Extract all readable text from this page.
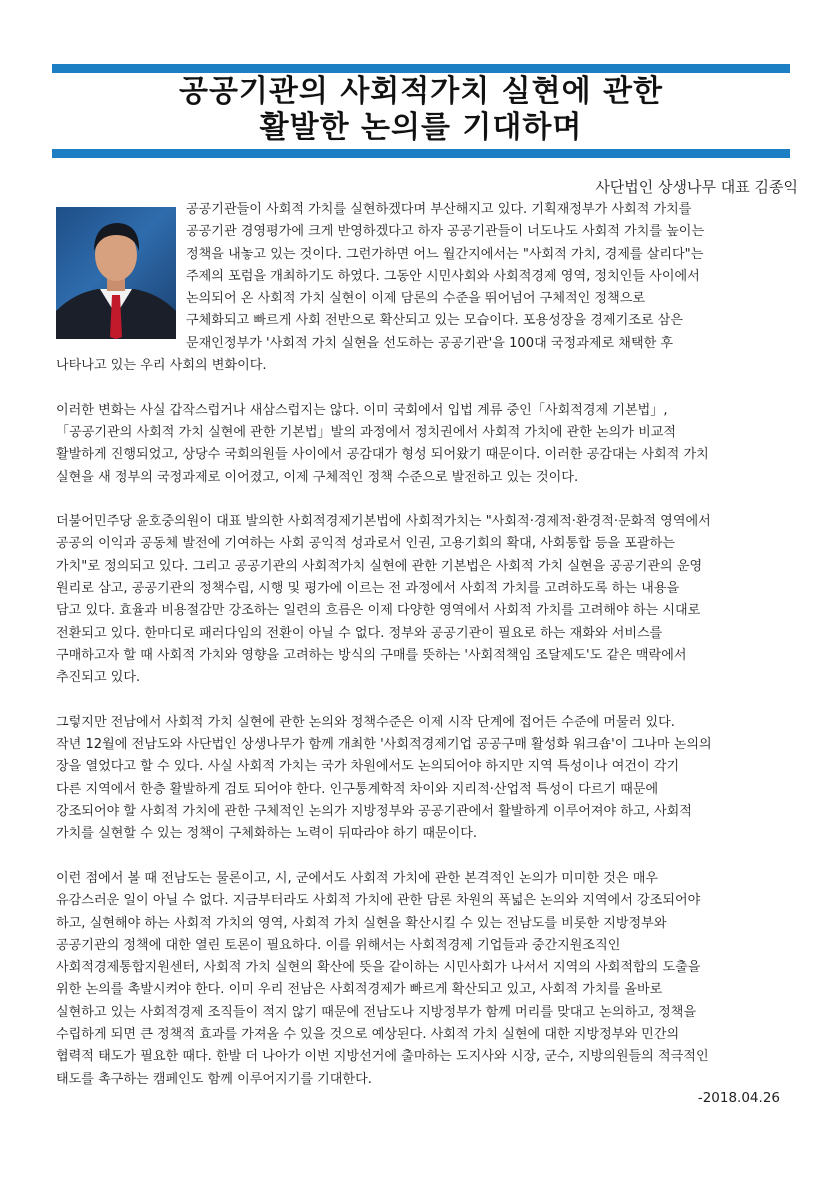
공공기관의 사회적가치 실현에 관한
활발한 논의를 기대하며
사단법인 상생나무 대표 김종익
공공기관들이 사회적 가치를 실현하겠다며 부산해지고 있다. 기획재정부가 사회적 가치를
공공기관 경영평가에 크게 반영하겠다고 하자 공공기관들이 너도나도 사회적 가치를 높이는
정책을 내놓고 있는 것이다. 그런가하면 어느 월간지에서는 "사회적 가치, 경제를 살리다"는
주제의 포럼을 개최하기도 하였다. 그동안 시민사회와 사회적경제 영역, 정치인들 사이에서
논의되어 온 사회적 가치 실현이 이제 담론의 수준을 뛰어넘어 구체적인 정책으로
구체화되고 빠르게 사회 전반으로 확산되고 있는 모습이다. 포용성장을 경제기조로 삼은
문재인정부가 '사회적 가치 실현을 선도하는 공공기관'을 100대 국정과제로 채택한 후
나타나고 있는 우리 사회의 변화이다.
이러한 변화는 사실 갑작스럽거나 새삼스럽지는 않다. 이미 국회에서 입법 계류 중인「사회적경제 기본법」,
「공공기관의 사회적 가치 실현에 관한 기본법」발의 과정에서 정치권에서 사회적 가치에 관한 논의가 비교적
활발하게 진행되었고, 상당수 국회의원들 사이에서 공감대가 형성 되어왔기 때문이다. 이러한 공감대는 사회적 가치
실현을 새 정부의 국정과제로 이어졌고, 이제 구체적인 정책 수준으로 발전하고 있는 것이다.
더불어민주당 윤호중의원이 대표 발의한 사회적경제기본법에 사회적가치는 "사회적·경제적·환경적·문화적 영역에서
공공의 이익과 공동체 발전에 기여하는 사회 공익적 성과로서 인권, 고용기회의 확대, 사회통합 등을 포괄하는
가치"로 정의되고 있다. 그리고 공공기관의 사회적가치 실현에 관한 기본법은 사회적 가치 실현을 공공기관의 운영
원리로 삼고, 공공기관의 정책수립, 시행 및 평가에 이르는 전 과정에서 사회적 가치를 고려하도록 하는 내용을
담고 있다. 효율과 비용절감만 강조하는 일련의 흐름은 이제 다양한 영역에서 사회적 가치를 고려해야 하는 시대로
전환되고 있다. 한마디로 패러다임의 전환이 아닐 수 없다. 정부와 공공기관이 필요로 하는 재화와 서비스를
구매하고자 할 때 사회적 가치와 영향을 고려하는 방식의 구매를 뜻하는 '사회적책임 조달제도'도 같은 맥락에서
추진되고 있다.
그렇지만 전남에서 사회적 가치 실현에 관한 논의와 정책수준은 이제 시작 단계에 접어든 수준에 머물러 있다.
작년 12월에 전남도와 사단법인 상생나무가 함께 개최한 '사회적경제기업 공공구매 활성화 워크숍'이 그나마 논의의
장을 열었다고 할 수 있다. 사실 사회적 가치는 국가 차원에서도 논의되어야 하지만 지역 특성이나 여건이 각기
다른 지역에서 한층 활발하게 검토 되어야 한다. 인구통계학적 차이와 지리적·산업적 특성이 다르기 때문에
강조되어야 할 사회적 가치에 관한 구체적인 논의가 지방정부와 공공기관에서 활발하게 이루어져야 하고, 사회적
가치를 실현할 수 있는 정책이 구체화하는 노력이 뒤따라야 하기 때문이다.
이런 점에서 볼 때 전남도는 물론이고, 시, 군에서도 사회적 가치에 관한 본격적인 논의가 미미한 것은 매우
유감스러운 일이 아닐 수 없다. 지금부터라도 사회적 가치에 관한 담론 차원의 폭넓은 논의와 지역에서 강조되어야
하고, 실현해야 하는 사회적 가치의 영역, 사회적 가치 실현을 확산시킬 수 있는 전남도를 비롯한 지방정부와
공공기관의 정책에 대한 열린 토론이 필요하다. 이를 위해서는 사회적경제 기업들과 중간지원조직인
사회적경제통합지원센터, 사회적 가치 실현의 확산에 뜻을 같이하는 시민사회가 나서서 지역의 사회적합의 도출을
위한 논의를 촉발시켜야 한다. 이미 우리 전남은 사회적경제가 빠르게 확산되고 있고, 사회적 가치를 올바로
실현하고 있는 사회적경제 조직들이 적지 않기 때문에 전남도나 지방정부가 함께 머리를 맞대고 논의하고, 정책을
수립하게 되면 큰 정책적 효과를 가져올 수 있을 것으로 예상된다. 사회적 가치 실현에 대한 지방정부와 민간의
협력적 태도가 필요한 때다. 한발 더 나아가 이번 지방선거에 출마하는 도지사와 시장, 군수, 지방의원들의 적극적인
태도를 촉구하는 캠페인도 함께 이루어지기를 기대한다.
-2018.04.26
